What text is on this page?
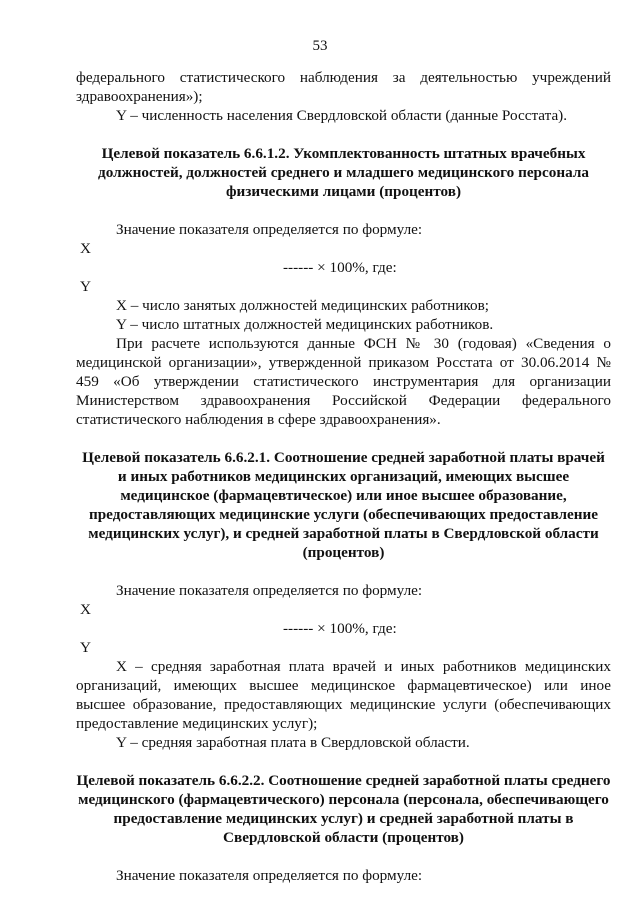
53

федерального статистического наблюдения за деятельностью учреждений здравоохранения»);

Y – численность населения Свердловской области (данные Росстата).

Целевой показатель 6.6.1.2. Укомплектованность штатных врачебных должностей, должностей среднего и младшего медицинского персонала физическими лицами (процентов)

Значение показателя определяется по формуле:

X

------ × 100%, где:

Y

X – число занятых должностей медицинских работников;

Y – число штатных должностей медицинских работников.

При расчете используются данные ФСН № 30 (годовая) «Сведения о медицинской организации», утвержденной приказом Росстата от 30.06.2014 № 459 «Об утверждении статистического инструментария для организации Министерством здравоохранения Российской Федерации федерального статистического наблюдения в сфере здравоохранения».

Целевой показатель 6.6.2.1. Соотношение средней заработной платы врачей и иных работников медицинских организаций, имеющих высшее медицинское (фармацевтическое) или иное высшее образование, предоставляющих медицинские услуги (обеспечивающих предоставление медицинских услуг), и средней заработной платы в Свердловской области (процентов)

Значение показателя определяется по формуле:

X

------ × 100%, где:

Y

X – средняя заработная плата врачей и иных работников медицинских организаций, имеющих высшее медицинское фармацевтическое) или иное высшее образование, предоставляющих медицинские услуги (обеспечивающих предоставление медицинских услуг);

Y – средняя заработная плата в Свердловской области.

Целевой показатель 6.6.2.2. Соотношение средней заработной платы среднего медицинского (фармацевтического) персонала (персонала, обеспечивающего предоставление медицинских услуг) и средней заработной платы в Свердловской области (процентов)

Значение показателя определяется по формуле:
